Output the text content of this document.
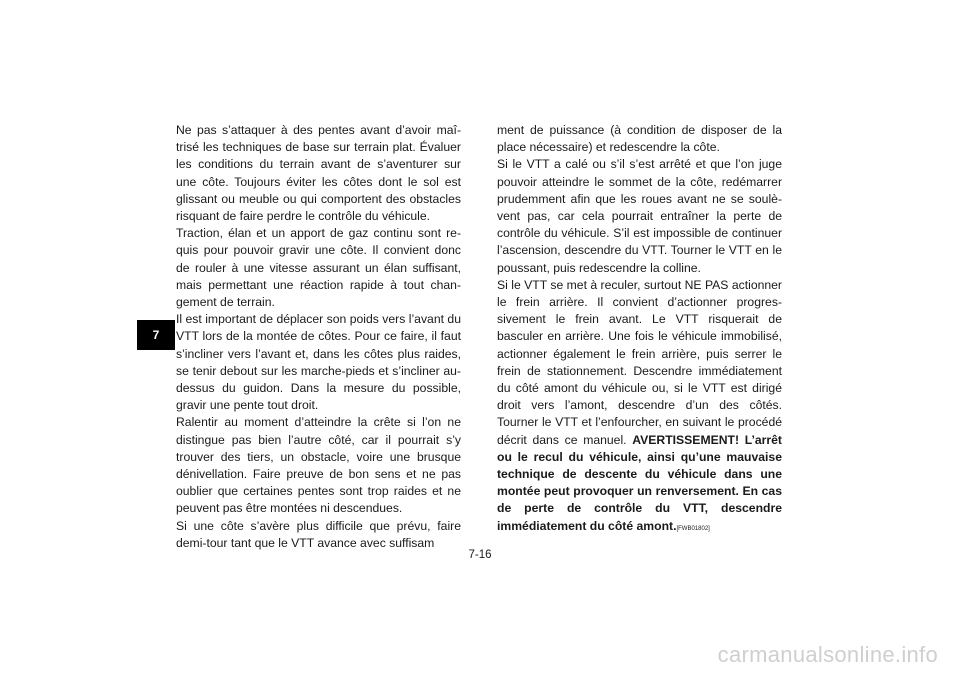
7

Ne pas s’attaquer à des pentes avant d’avoir maîtrisé les techniques de base sur terrain plat. Évaluer les conditions du terrain avant de s’aventurer sur une côte. Toujours éviter les côtes dont le sol est glissant ou meuble ou qui comportent des obstacles risquant de faire perdre le contrôle du véhicule.

Traction, élan et un apport de gaz continu sont requis pour pouvoir gravir une côte. Il convient donc de rouler à une vitesse assurant un élan suffisant, mais permettant une réaction rapide à tout changement de terrain.

Il est important de déplacer son poids vers l’avant du VTT lors de la montée de côtes. Pour ce faire, il faut s’incliner vers l’avant et, dans les côtes plus raides, se tenir debout sur les marche-pieds et s’incliner au-dessus du guidon. Dans la mesure du possible, gravir une pente tout droit.

Ralentir au moment d’atteindre la crête si l’on ne distingue pas bien l’autre côté, car il pourrait s’y trouver des tiers, un obstacle, voire une brusque dénivellation. Faire preuve de bon sens et ne pas oublier que certaines pentes sont trop raides et ne peuvent pas être montées ni descendues.

Si une côte s’avère plus difficile que prévu, faire demi-tour tant que le VTT avance avec suffisam

ment de puissance (à condition de disposer de la place nécessaire) et redescendre la côte.

Si le VTT a calé ou s’il s’est arrêté et que l’on juge pouvoir atteindre le sommet de la côte, redémarrer prudemment afin que les roues avant ne se soulèvent pas, car cela pourrait entraîner la perte de contrôle du véhicule. S’il est impossible de continuer l’ascension, descendre du VTT. Tourner le VTT en le poussant, puis redescendre la colline.

Si le VTT se met à reculer, surtout NE PAS actionner le frein arrière. Il convient d’actionner progressivement le frein avant. Le VTT risquerait de basculer en arrière. Une fois le véhicule immobilisé, actionner également le frein arrière, puis serrer le frein de stationnement. Descendre immédiatement du côté amont du véhicule ou, si le VTT est dirigé droit vers l’amont, descendre d’un des côtés. Tourner le VTT et l’enfourcher, en suivant le procédé décrit dans ce manuel. AVERTISSEMENT! L’arrêt ou le recul du véhicule, ainsi qu’une mauvaise technique de descente du véhicule dans une montée peut provoquer un renversement. En cas de perte de contrôle du VTT, descendre immédiatement du côté amont.[FWB01802]

7-16
carmanualsonline.info
